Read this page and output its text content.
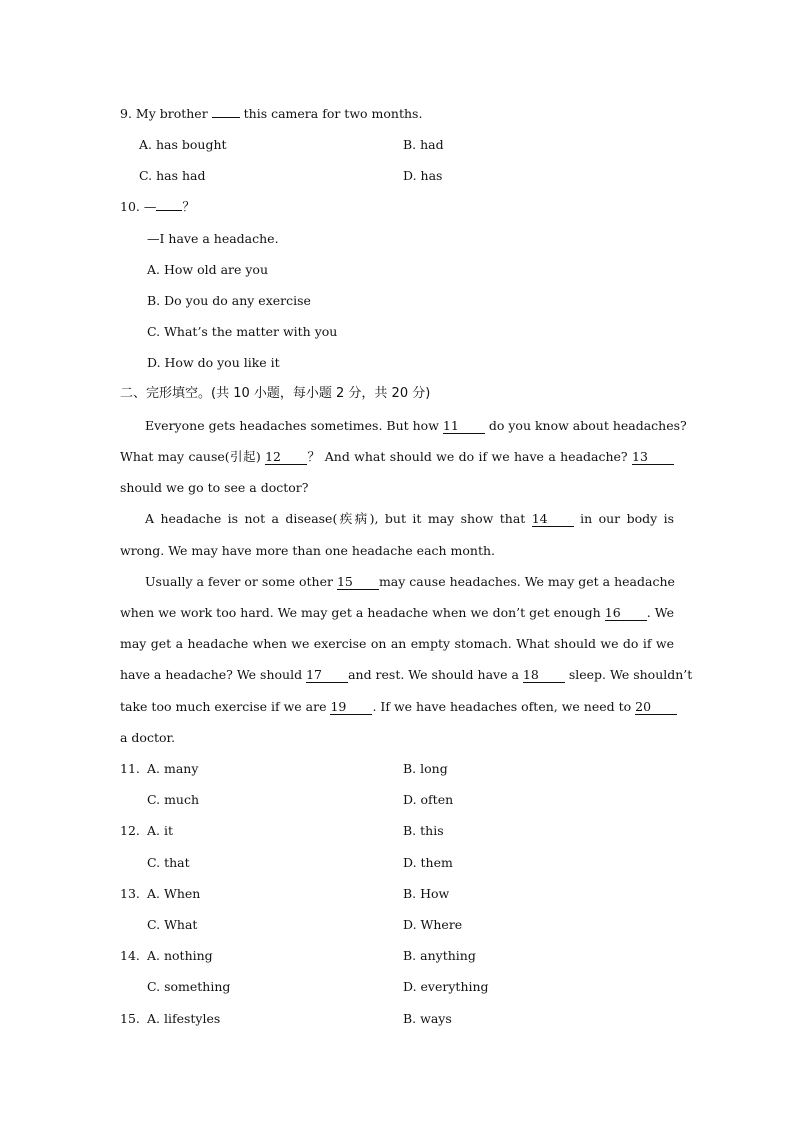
9. My brother  this camera for two months.
A. has bought	B. had
C. has had	D. has
10. — ？
—I have a headache.
A. How old are you
B. Do you do any exercise
C. What’s the matter with you
D. How do you like it
二、完形填空。(共 10 小题，每小题 2 分，共 20 分)
Everyone gets headaches sometimes. But how 11 do you know about headaches?
What may cause(引起) 12 ？ And what should we do if we have a headache? 13
should we go to see a doctor?
A headache is not a disease(疾病), but it may show that 14 in our body is
wrong. We may have more than one headache each month.
Usually a fever or some other 15 may cause headaches. We may get a headache
when we work too hard. We may get a headache when we don’t get enough 16 . We
may get a headache when we exercise on an empty stomach. What should we do if we
have a headache? We should 17 and rest. We should have a 18 sleep. We shouldn’t
take too much exercise if we are 19 . If we have headaches often, we need to 20
a doctor.
11. A. many	B. long
C. much	D. often
12. A. it	B. this
C. that	D. them
13. A. When	B. How
C. What	D. Where
14. A. nothing	B. anything
C. something	D. everything
15. A. lifestyles	B. ways
